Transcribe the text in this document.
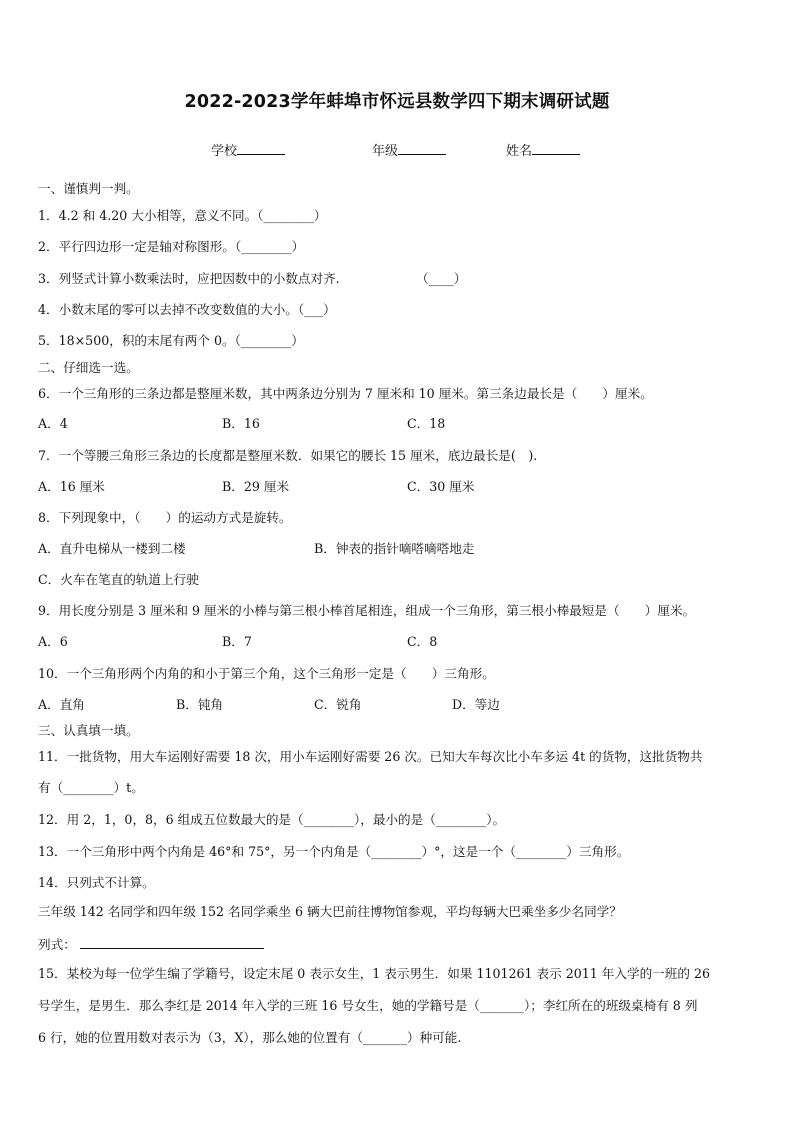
2022-2023学年蚌埠市怀远县数学四下期末调研试题
学校	年级	姓名
一、谨慎判一判。
1．4.2 和 4.20 大小相等，意义不同。（________）
2．平行四边形一定是轴对称图形。（________）
3．列竖式计算小数乘法时，应把因数中的小数点对齐.	（____）
4．小数末尾的零可以去掉不改变数值的大小。（___）
5．18×500，积的末尾有两个 0。（________）
二、仔细选一选。
6．一个三角形的三条边都是整厘米数，其中两条边分别为 7 厘米和 10 厘米。第三条边最长是（　　）厘米。
A．4	B．16	C．18
7．一个等腰三角形三条边的长度都是整厘米数．如果它的腰长 15 厘米，底边最长是(　).
A．16 厘米	B．29 厘米	C．30 厘米
8．下列现象中，（　　）的运动方式是旋转。
A．直升电梯从一楼到二楼	B．钟表的指针嘀嗒嘀嗒地走
C．火车在笔直的轨道上行驶
9．用长度分别是 3 厘米和 9 厘米的小棒与第三根小棒首尾相连，组成一个三角形，第三根小棒最短是（　　）厘米。
A．6	B．7	C．8
10．一个三角形两个内角的和小于第三个角，这个三角形一定是（　　）三角形。
A．直角	B．钝角	C．锐角	D．等边
三、认真填一填。
11．一批货物，用大车运刚好需要 18 次，用小车运刚好需要 26 次。已知大车每次比小车多运 4t 的货物，这批货物共
有（________）t。
12．用 2，1，0，8，6 组成五位数最大的是（________），最小的是（________）。
13．一个三角形中两个内角是 46°和 75°，另一个内角是（________）°，这是一个（________）三角形。
14．只列式不计算。
三年级 142 名同学和四年级 152 名同学乘坐 6 辆大巴前往博物馆参观，平均每辆大巴乘坐多少名同学？
列式：
15．某校为每一位学生编了学籍号，设定末尾 0 表示女生，1 表示男生．如果 1101261 表示 2011 年入学的一班的 26
号学生，是男生．那么李红是 2014 年入学的三班 16 号女生，她的学籍号是（_______）；李红所在的班级桌椅有 8 列
6 行，她的位置用数对表示为（3，X），那么她的位置有（_______）种可能.
